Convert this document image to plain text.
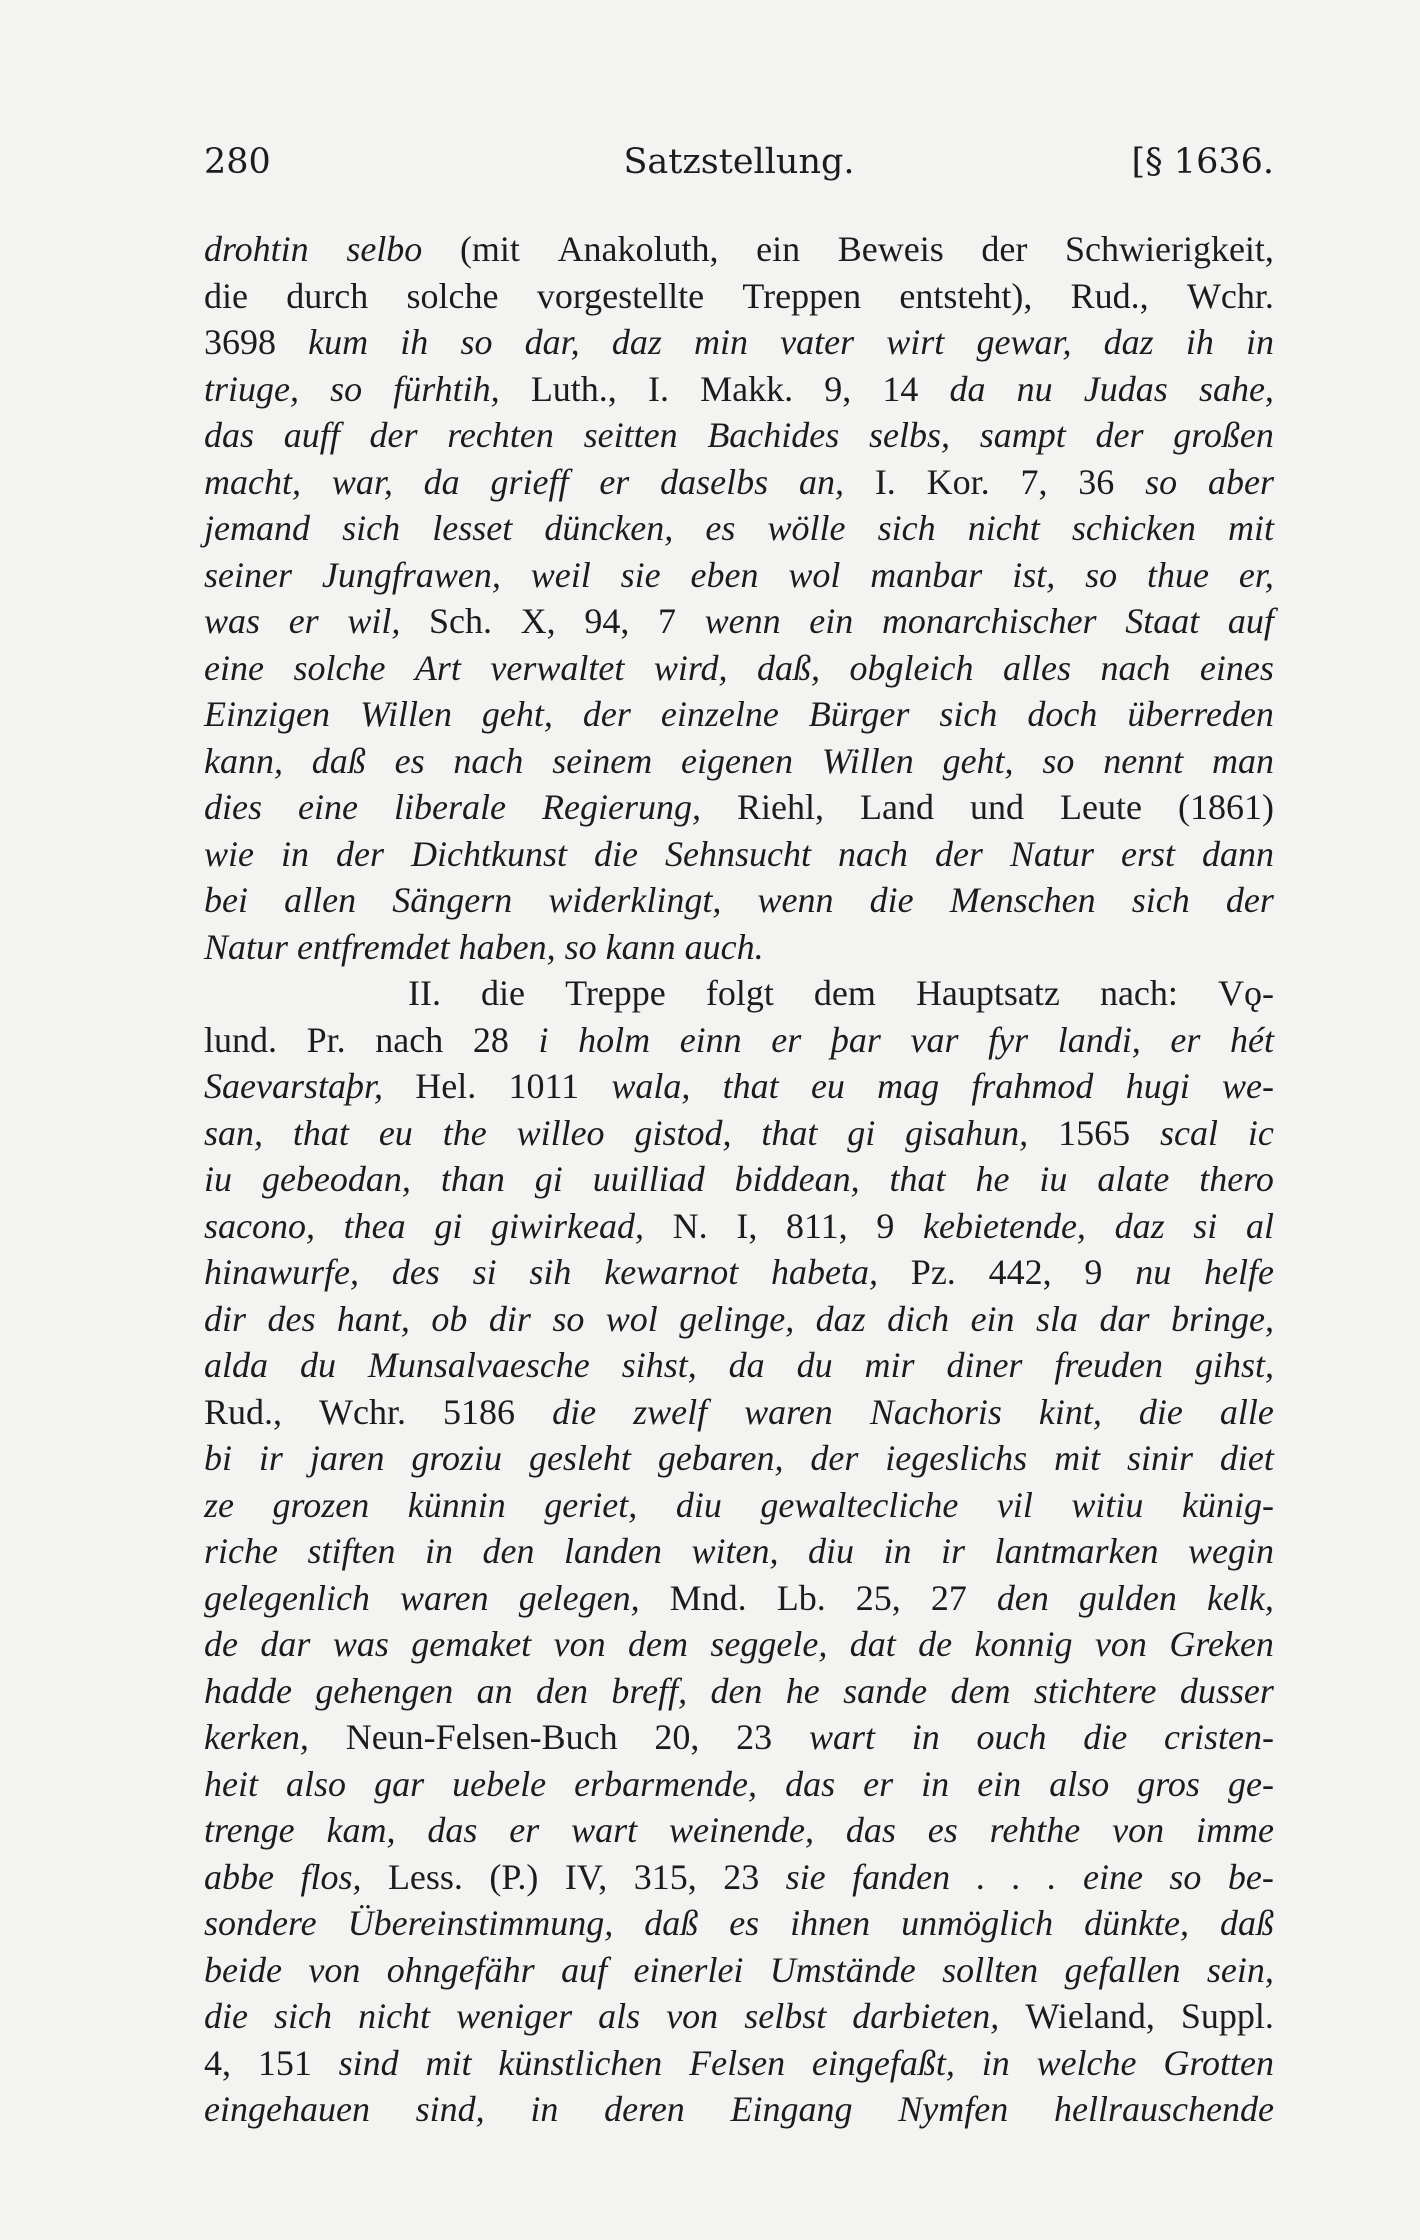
280	Satzstellung.	[§ 1636.
drohtin selbo (mit Anakoluth, ein Beweis der Schwierigkeit,
die durch solche vorgestellte Treppen entsteht), Rud., Wchr.
3698 kum ih so dar, daz min vater wirt gewar, daz ih in
triuge, so fürhtih, Luth., I. Makk. 9, 14 da nu Judas sahe,
das auff der rechten seitten Bachides selbs, sampt der großen
macht, war, da grieff er daselbs an, I. Kor. 7, 36 so aber
jemand sich lesset düncken, es wölle sich nicht schicken mit
seiner Jungfrawen, weil sie eben wol manbar ist, so thue er,
was er wil, Sch. X, 94, 7 wenn ein monarchischer Staat auf
eine solche Art verwaltet wird, daß, obgleich alles nach eines
Einzigen Willen geht, der einzelne Bürger sich doch überreden
kann, daß es nach seinem eigenen Willen geht, so nennt man
dies eine liberale Regierung, Riehl, Land und Leute (1861)
wie in der Dichtkunst die Sehnsucht nach der Natur erst dann
bei allen Sängern widerklingt, wenn die Menschen sich der
Natur entfremdet haben, so kann auch.
II. die Treppe folgt dem Hauptsatz nach: Vǫ-
lund. Pr. nach 28 i holm einn er þar var fyr landi, er hét
Saevarstaþr, Hel. 1011 wala, that eu mag frahmod hugi we-
san, that eu the willeo gistod, that gi gisahun, 1565 scal ic
iu gebeodan, than gi uuilliad biddean, that he iu alate thero
sacono, thea gi giwirkead, N. I, 811, 9 kebietende, daz si al
hinawurfe, des si sih kewarnot habeta, Pz. 442, 9 nu helfe
dir des hant, ob dir so wol gelinge, daz dich ein sla dar bringe,
alda du Munsalvaesche sihst, da du mir diner freuden gihst,
Rud., Wchr. 5186 die zwelf waren Nachoris kint, die alle
bi ir jaren groziu gesleht gebaren, der iegeslichs mit sinir diet
ze grozen künnin geriet, diu gewaltecliche vil witiu künig-
riche stiften in den landen witen, diu in ir lantmarken wegin
gelegenlich waren gelegen, Mnd. Lb. 25, 27 den gulden kelk,
de dar was gemaket von dem seggele, dat de konnig von Greken
hadde gehengen an den breff, den he sande dem stichtere dusser
kerken, Neun-Felsen-Buch 20, 23 wart in ouch die cristen-
heit also gar uebele erbarmende, das er in ein also gros ge-
trenge kam, das er wart weinende, das es rehthe von imme
abbe flos, Less. (P.) IV, 315, 23 sie fanden . . . eine so be-
sondere Übereinstimmung, daß es ihnen unmöglich dünkte, daß
beide von ohngefähr auf einerlei Umstände sollten gefallen sein,
die sich nicht weniger als von selbst darbieten, Wieland, Suppl.
4, 151 sind mit künstlichen Felsen eingefaßt, in welche Grotten
eingehauen sind, in deren Eingang Nymfen hellrauschende
